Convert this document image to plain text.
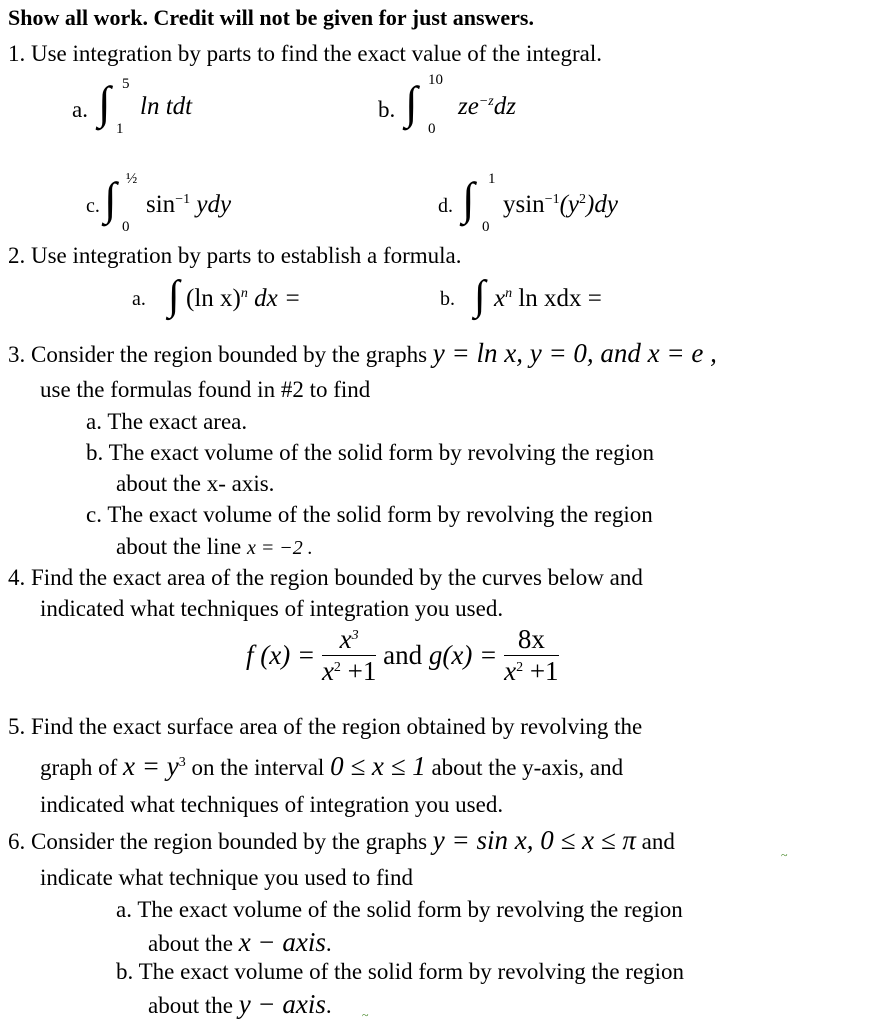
Show all work. Credit will not be given for just answers.
1. Use integration by parts to find the exact value of the integral.
a. ∫ 5
1
ln tdt	b. ∫ 10
0
$ze^{-z}dz$
c. ∫ ½
0
$\sin^{-1}$ ydy	d. ∫ 1
0
$ysin^{-1}(y^2)dy$
2. Use integration by parts to establish a formula.
a. ∫ (ln x)$^n$ dx =	b. ∫ $x^n$ ln xdx =
3. Consider the region bounded by the graphs y = ln x, y = 0, and x = e ,
use the formulas found in #2 to find
a. The exact area.
b. The exact volume of the solid form by revolving the region
about the x- axis.
c. The exact volume of the solid form by revolving the region
about the line x = −2 .
4. Find the exact area of the region bounded by the curves below and
indicated what techniques of integration you used.
f $(x) = \frac{x^3}{x^2 +1}$ and $g(x) = \frac{8x}{x^2 +1}$
5. Find the exact surface area of the region obtained by revolving the
graph of $x = y^3$ on the interval 0 ≤ x ≤ 1 about the y-axis, and
indicated what techniques of integration you used.
6. Consider the region bounded by the graphs y = sin x, 0 ≤ x ≤ π and
~
indicate what technique you used to find
a. The exact volume of the solid form by revolving the region
about the x − axis.
b. The exact volume of the solid form by revolving the region
about the y − axis.	~
